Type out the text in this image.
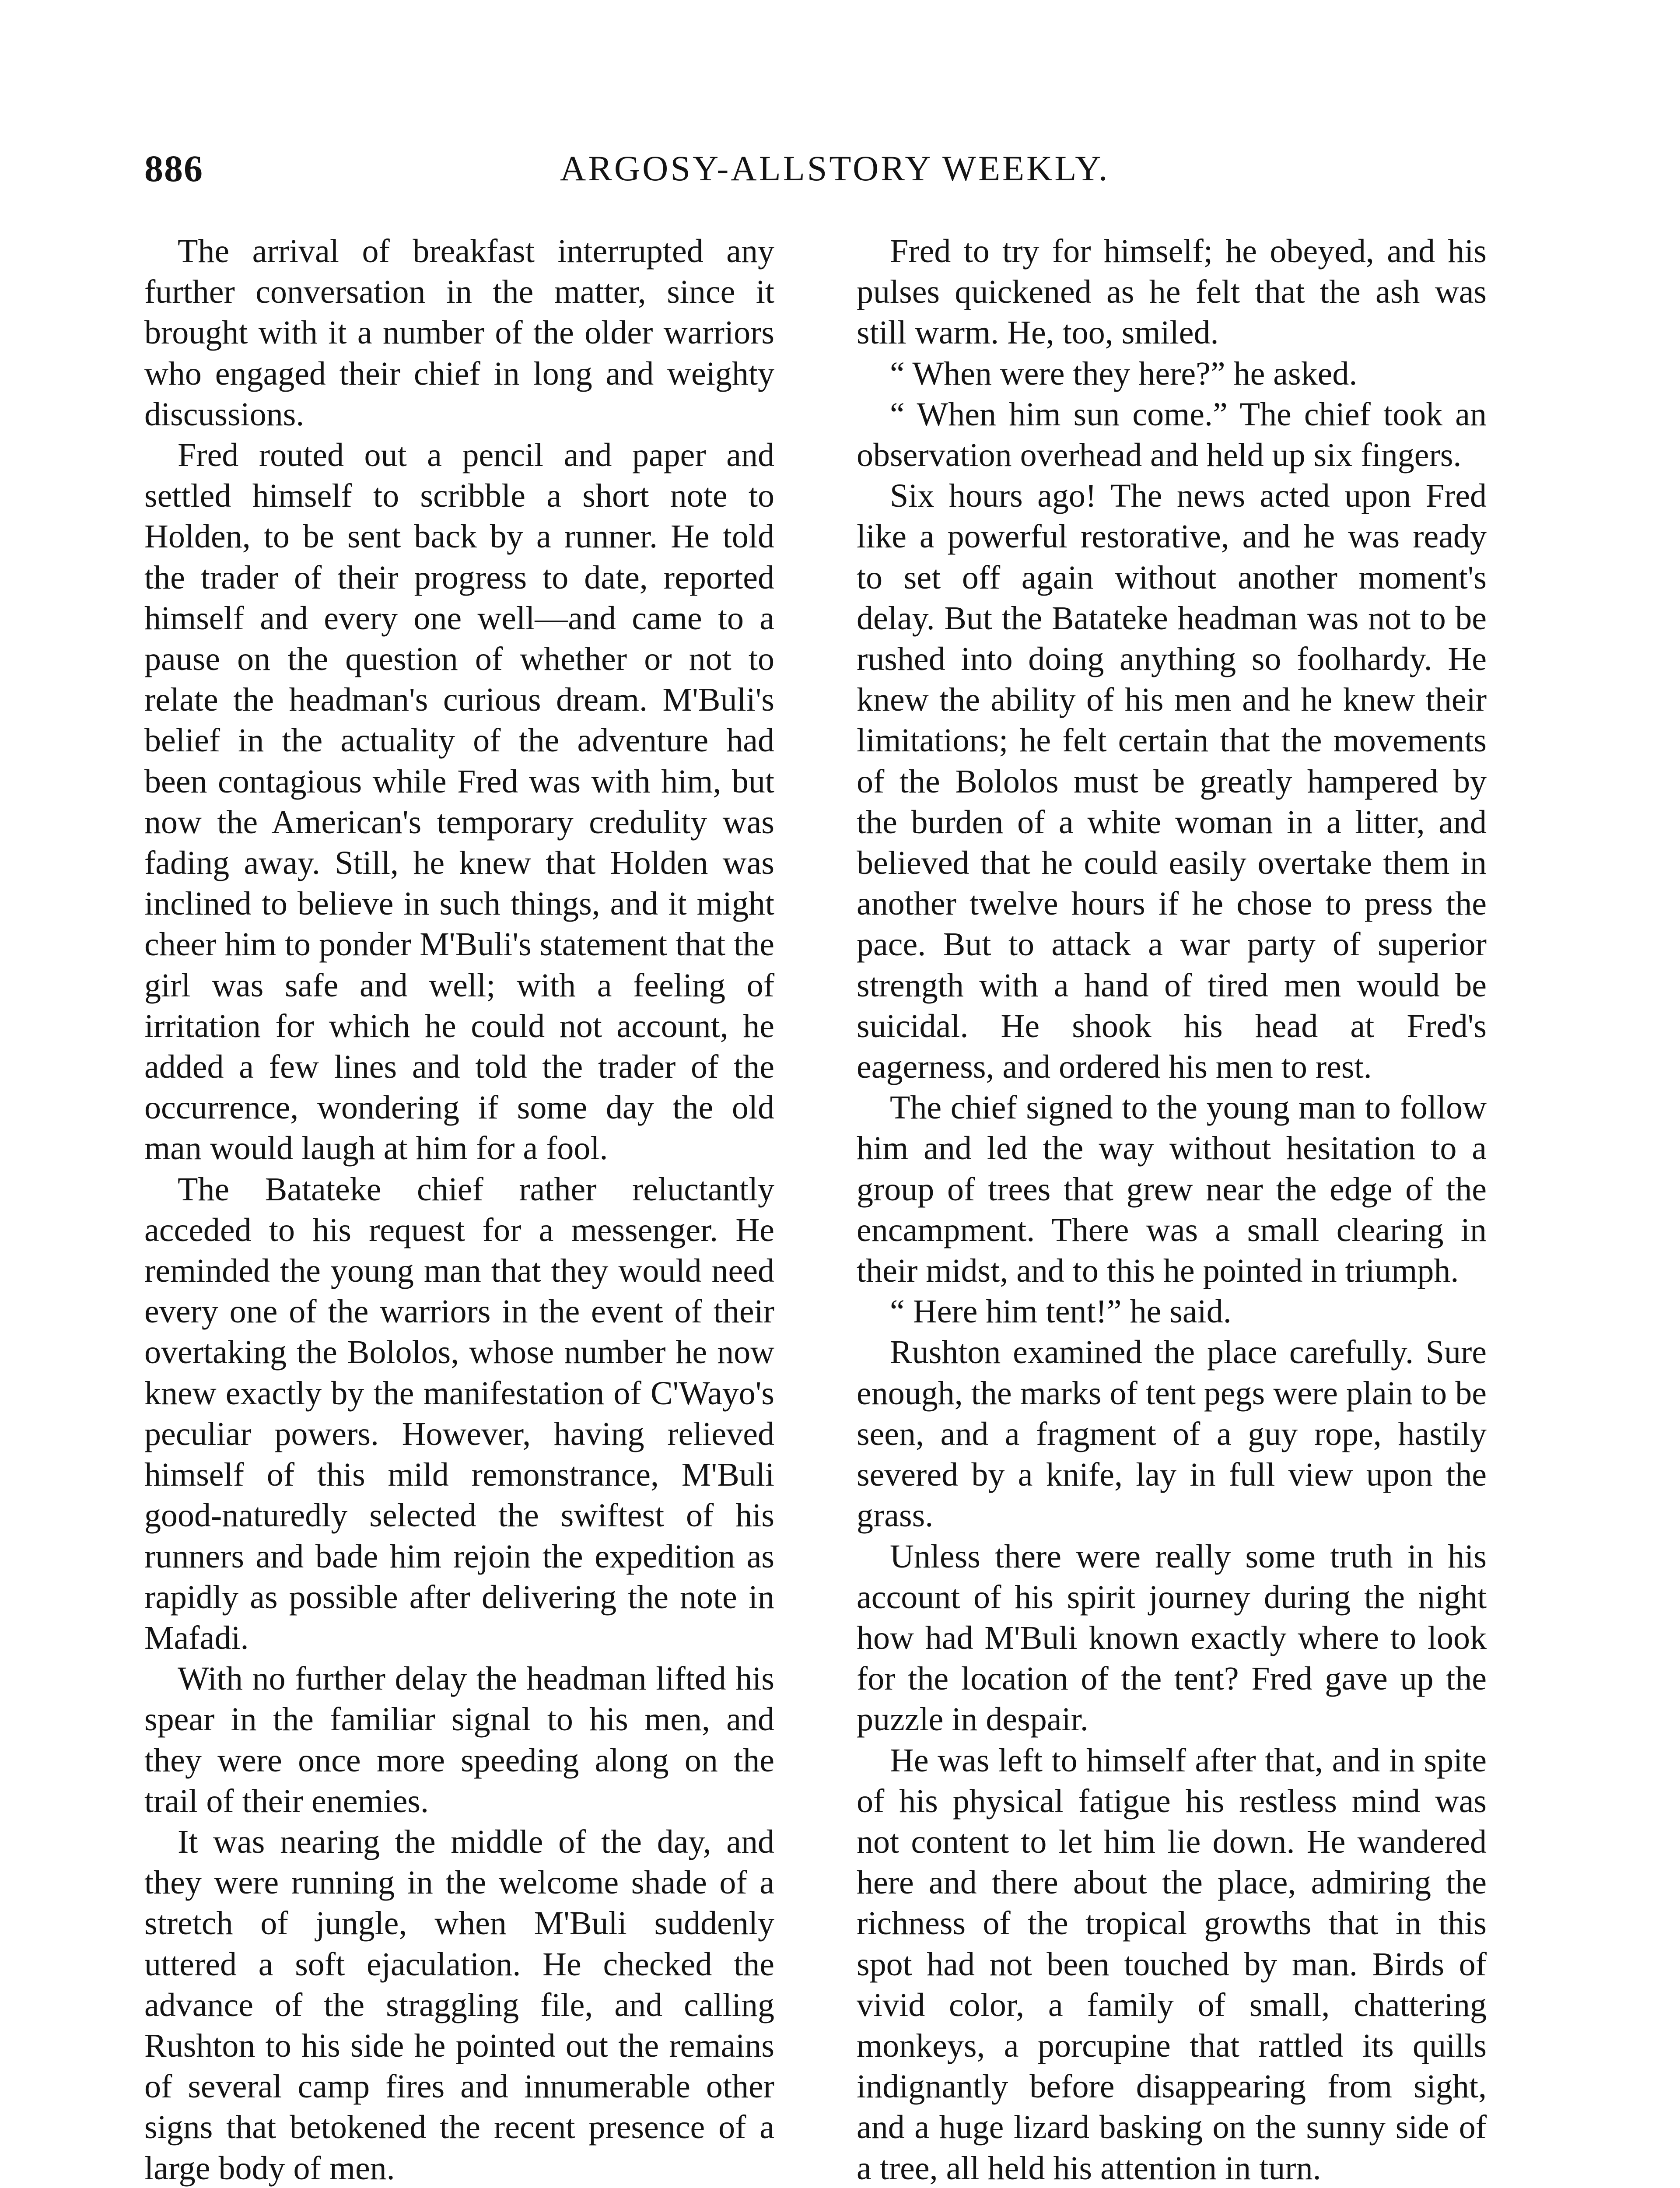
886	ARGOSY-ALLSTORY WEEKLY.

The arrival of breakfast interrupted any further conversation in the matter, since it brought with it a number of the older warriors who engaged their chief in long and weighty discussions.

Fred routed out a pencil and paper and settled himself to scribble a short note to Holden, to be sent back by a runner. He told the trader of their progress to date, reported himself and every one well—and came to a pause on the question of whether or not to relate the headman's curious dream. M'Buli's belief in the actuality of the adventure had been contagious while Fred was with him, but now the American's temporary credulity was fading away. Still, he knew that Holden was inclined to believe in such things, and it might cheer him to ponder M'Buli's statement that the girl was safe and well; with a feeling of irritation for which he could not account, he added a few lines and told the trader of the occurrence, wondering if some day the old man would laugh at him for a fool.

The Batateke chief rather reluctantly acceded to his request for a messenger. He reminded the young man that they would need every one of the warriors in the event of their overtaking the Bololos, whose number he now knew exactly by the manifestation of C'Wayo's peculiar powers. However, having relieved himself of this mild remonstrance, M'Buli good-naturedly selected the swiftest of his runners and bade him rejoin the expedition as rapidly as possible after delivering the note in Mafadi.

With no further delay the headman lifted his spear in the familiar signal to his men, and they were once more speeding along on the trail of their enemies.

It was nearing the middle of the day, and they were running in the welcome shade of a stretch of jungle, when M'Buli suddenly uttered a soft ejaculation. He checked the advance of the straggling file, and calling Rushton to his side he pointed out the remains of several camp fires and innumerable other signs that betokened the recent presence of a large body of men.

Fred to try for himself; he obeyed, and his pulses quickened as he felt that the ash was still warm. He, too, smiled.

“ When were they here?” he asked.

“ When him sun come.” The chief took an observation overhead and held up six fingers.

Six hours ago! The news acted upon Fred like a powerful restorative, and he was ready to set off again without another moment's delay. But the Batateke headman was not to be rushed into doing anything so foolhardy. He knew the ability of his men and he knew their limitations; he felt certain that the movements of the Bololos must be greatly hampered by the burden of a white woman in a litter, and believed that he could easily overtake them in another twelve hours if he chose to press the pace. But to attack a war party of superior strength with a hand of tired men would be suicidal. He shook his head at Fred's eagerness, and ordered his men to rest.

The chief signed to the young man to follow him and led the way without hesitation to a group of trees that grew near the edge of the encampment. There was a small clearing in their midst, and to this he pointed in triumph.

“ Here him tent!” he said.

Rushton examined the place carefully. Sure enough, the marks of tent pegs were plain to be seen, and a fragment of a guy rope, hastily severed by a knife, lay in full view upon the grass.

Unless there were really some truth in his account of his spirit journey during the night how had M'Buli known exactly where to look for the location of the tent? Fred gave up the puzzle in despair.

He was left to himself after that, and in spite of his physical fatigue his restless mind was not content to let him lie down. He wandered here and there about the place, admiring the richness of the tropical growths that in this spot had not been touched by man. Birds of vivid color, a family of small, chattering monkeys, a porcupine that rattled its quills indignantly before disappearing from sight, and a huge lizard basking on the sunny side of a tree, all held his attention in turn.
